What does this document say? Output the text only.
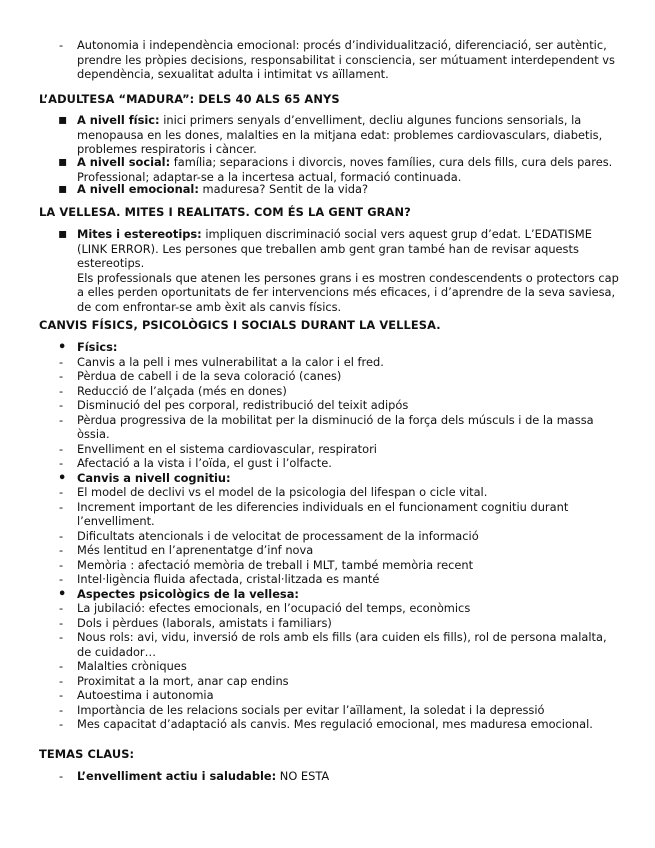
-
Autonomia i independència emocional: procés d’individualització, diferenciació, ser autèntic, prendre les pròpies decisions, responsabilitat i consciencia, ser mútuament interdependent vs dependència, sexualitat adulta i intimitat vs aïllament.

L’ADULTESA “MADURA”: DELS 40 ALS 65 ANYS

▪
A nivell físic: inici primers senyals d’envelliment, decliu algunes funcions sensorials, la menopausa en les dones, malalties en la mitjana edat: problemes cardiovasculars, diabetis, problemes respiratoris i càncer.
▪
A nivell social: família; separacions i divorcis, noves famílies, cura dels fills, cura dels pares. Professional; adaptar-se a la incertesa actual, formació continuada.
▪
A nivell emocional: maduresa? Sentit de la vida?

LA VELLESA. MITES I REALITATS. COM ÉS LA GENT GRAN?

▪
Mites i estereotips: impliquen discriminació social vers aquest grup d’edat. L’EDATISME (LINK ERROR). Les persones que treballen amb gent gran també han de revisar aquests estereotips.

Els professionals que atenen les persones grans i es mostren condescendents o protectors cap a elles perden oportunitats de fer intervencions més eficaces, i d’aprendre de la seva saviesa, de com enfrontar-se amb èxit als canvis físics.

CANVIS FÍSICS, PSICOLÒGICS I SOCIALS DURANT LA VELLESA.

•
Físics:
-
Canvis a la pell i mes vulnerabilitat a la calor i el fred.
-
Pèrdua de cabell i de la seva coloració (canes)
-
Reducció de l’alçada (més en dones)
-
Disminució del pes corporal, redistribució del teixit adipós
-
Pèrdua progressiva de la mobilitat per la disminució de la força dels músculs i de la massa òssia.
-
Envelliment en el sistema cardiovascular, respiratori
-
Afectació a la vista i l’oïda, el gust i l’olfacte.
•
Canvis a nivell cognitiu:
-
El model de declivi vs el model de la psicologia del lifespan o cicle vital.
-
Increment important de les diferencies individuals en el funcionament cognitiu durant l’envelliment.
-
Dificultats atencionals i de velocitat de processament de la informació
-
Més lentitud en l’aprenentatge d’inf nova
-
Memòria : afectació memòria de treball i MLT, també memòria recent
-
Intel·ligència fluida afectada, cristal·litzada es manté
•
Aspectes psicològics de la vellesa:
-
La jubilació: efectes emocionals, en l’ocupació del temps, econòmics
-
Dols i pèrdues (laborals, amistats i familiars)
-
Nous rols: avi, vidu, inversió de rols amb els fills (ara cuiden els fills), rol de persona malalta, de cuidador…
-
Malalties cròniques
-
Proximitat a la mort, anar cap endins
-
Autoestima i autonomia
-
Importància de les relacions socials per evitar l’aïllament, la soledat i la depressió
-
Mes capacitat d’adaptació als canvis. Mes regulació emocional, mes maduresa emocional.

TEMAS CLAUS:

-
L’envelliment actiu i saludable: NO ESTA
